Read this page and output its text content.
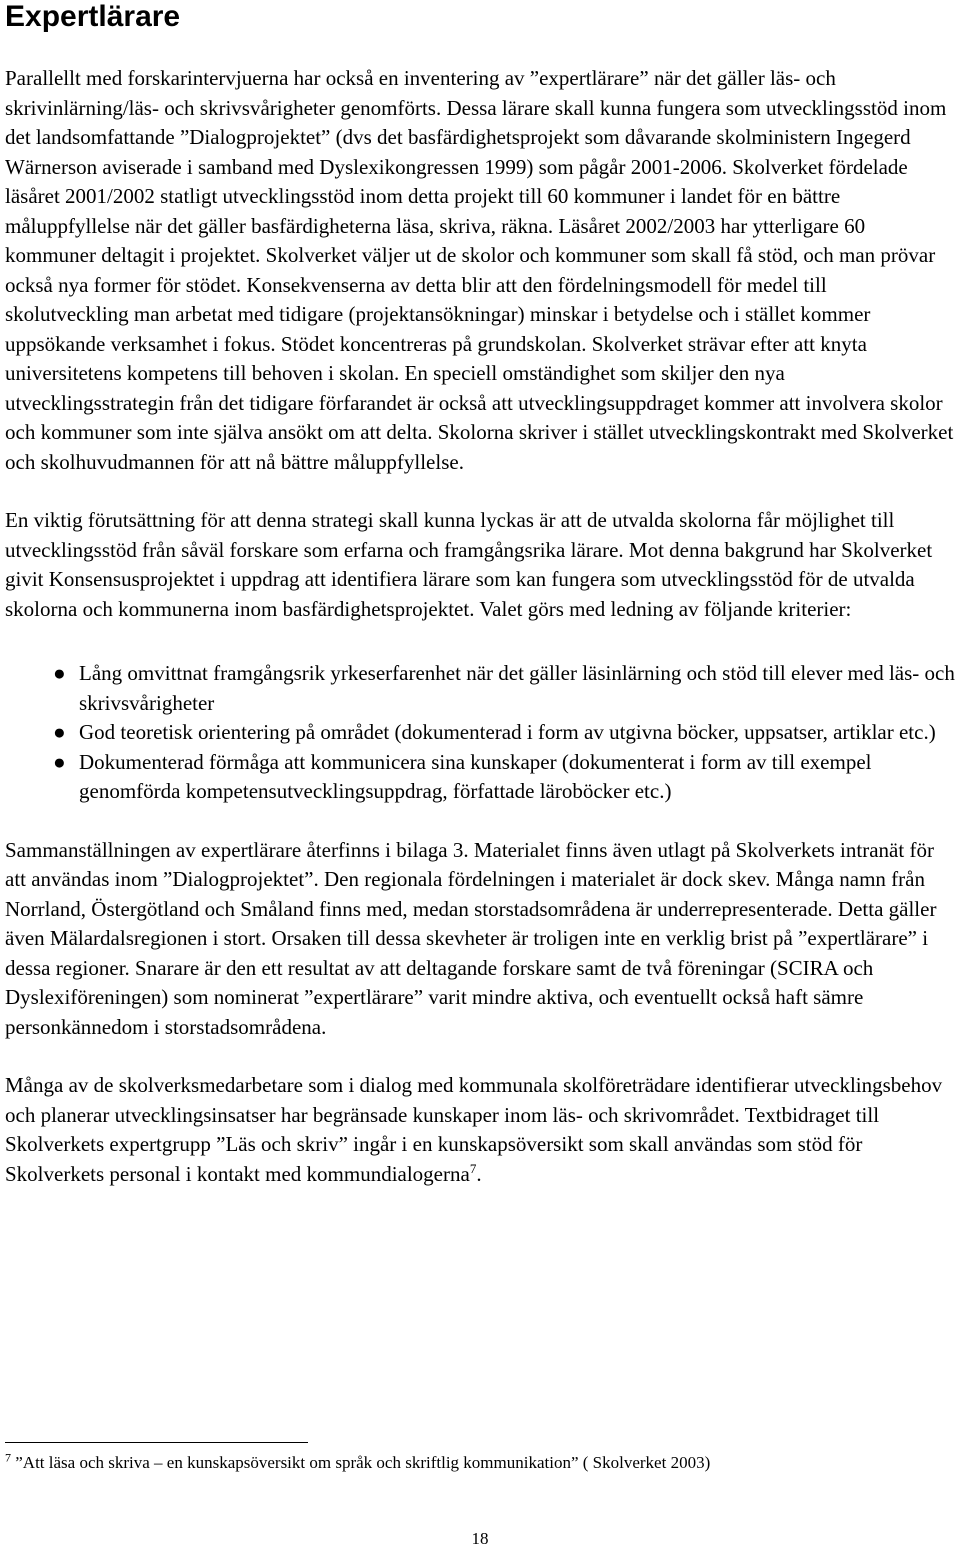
Expertlärare

Parallellt med forskarintervjuerna har också en inventering av ”expertlärare” när det gäller läs- och skrivinlärning/läs- och skrivsvårigheter genomförts. Dessa lärare skall kunna fungera som utvecklingsstöd inom det landsomfattande ”Dialogprojektet” (dvs det basfärdighetsprojekt som dåvarande skolministern Ingegerd Wärnerson aviserade i samband med Dyslexikongressen 1999) som pågår 2001-2006. Skolverket fördelade läsåret 2001/2002 statligt utvecklingsstöd inom detta projekt till 60 kommuner i landet för en bättre måluppfyllelse när det gäller basfärdigheterna läsa, skriva, räkna. Läsåret 2002/2003 har ytterligare 60 kommuner deltagit i projektet. Skolverket väljer ut de skolor och kommuner som skall få stöd, och man prövar också nya former för stödet. Konsekvenserna av detta blir att den fördelningsmodell för medel till skolutveckling man arbetat med tidigare (projektansökningar) minskar i betydelse och i stället kommer uppsökande verksamhet i fokus. Stödet koncentreras på grundskolan. Skolverket strävar efter att knyta universitetens kompetens till behoven i skolan. En speciell omständighet som skiljer den nya utvecklingsstrategin från det tidigare förfarandet är också att utvecklingsuppdraget kommer att involvera skolor och kommuner som inte själva ansökt om att delta. Skolorna skriver i stället utvecklingskontrakt med Skolverket och skolhuvudmannen för att nå bättre måluppfyllelse.

En viktig förutsättning för att denna strategi skall kunna lyckas är att de utvalda skolorna får möjlighet till utvecklingsstöd från såväl forskare som erfarna och framgångsrika lärare. Mot denna bakgrund har Skolverket givit Konsensusprojektet i uppdrag att identifiera lärare som kan fungera som utvecklingsstöd för de utvalda skolorna och kommunerna inom basfärdighetsprojektet. Valet görs med ledning av följande kriterier:

● Lång omvittnat framgångsrik yrkeserfarenhet när det gäller läsinlärning och stöd till elever med läs- och skrivsvårigheter
● God teoretisk orientering på området (dokumenterad i form av utgivna böcker, uppsatser, artiklar etc.)
● Dokumenterad förmåga att kommunicera sina kunskaper (dokumenterat i form av till exempel genomförda kompetensutvecklingsuppdrag, författade läroböcker etc.)

Sammanställningen av expertlärare återfinns i bilaga 3. Materialet finns även utlagt på Skolverkets intranät för att användas inom ”Dialogprojektet”. Den regionala fördelningen i materialet är dock skev. Många namn från Norrland, Östergötland och Småland finns med, medan storstadsområdena är underrepresenterade. Detta gäller även Mälardalsregionen i stort. Orsaken till dessa skevheter är troligen inte en verklig brist på ”expertlärare” i dessa regioner. Snarare är den ett resultat av att deltagande forskare samt de två föreningar (SCIRA och Dyslexiföreningen) som nominerat ”expertlärare” varit mindre aktiva, och eventuellt också haft sämre personkännedom i storstadsområdena.

Många av de skolverksmedarbetare som i dialog med kommunala skolföreträdare identifierar utvecklingsbehov och planerar utvecklingsinsatser har begränsade kunskaper inom läs- och skrivområdet. Textbidraget till Skolverkets expertgrupp ”Läs och skriv” ingår i en kunskapsöversikt som skall användas som stöd för Skolverkets personal i kontakt med kommundialogerna$^7$.

$^7$ ”Att läsa och skriva – en kunskapsöversikt om språk och skriftlig kommunikation” ( Skolverket 2003)

18
